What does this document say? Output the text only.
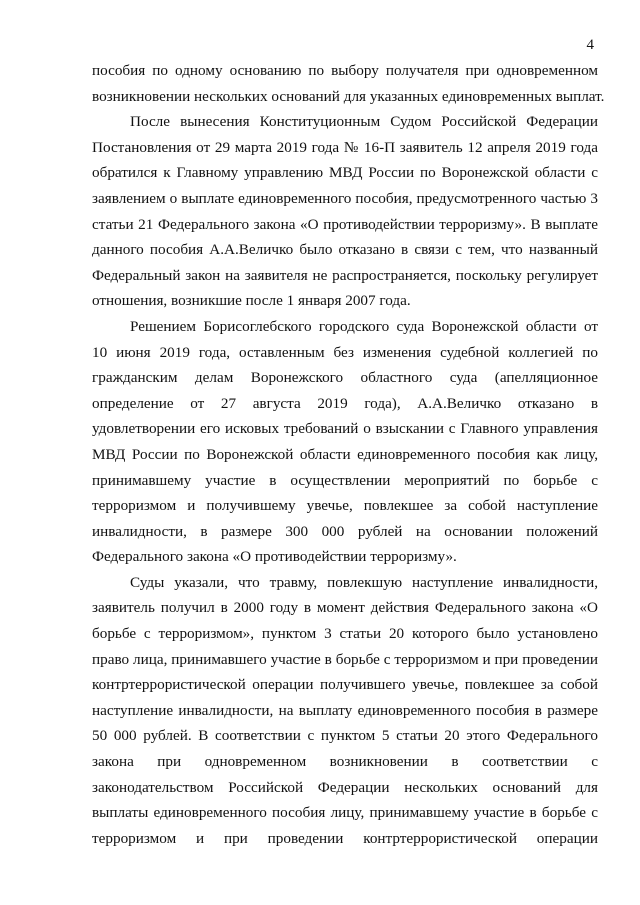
4

пособия по одному основанию по выбору получателя при одновременном
возникновении нескольких оснований для указанных единовременных выплат.

После вынесения Конституционным Судом Российской Федерации
Постановления от 29 марта 2019 года № 16-П заявитель 12 апреля 2019 года
обратился к Главному управлению МВД России по Воронежской области с
заявлением о выплате единовременного пособия, предусмотренного частью 3
статьи 21 Федерального закона «О противодействии терроризму». В выплате
данного пособия А.А.Величко было отказано в связи с тем, что названный
Федеральный закон на заявителя не распространяется, поскольку регулирует
отношения, возникшие после 1 января 2007 года.

Решением Борисоглебского городского суда Воронежской области от
10 июня 2019 года, оставленным без изменения судебной коллегией по
гражданским делам Воронежского областного суда (апелляционное
определение от 27 августа 2019 года), А.А.Величко отказано в
удовлетворении его исковых требований о взыскании с Главного управления
МВД России по Воронежской области единовременного пособия как лицу,
принимавшему участие в осуществлении мероприятий по борьбе с
терроризмом и получившему увечье, повлекшее за собой наступление
инвалидности, в размере 300 000 рублей на основании положений
Федерального закона «О противодействии терроризму».

Суды указали, что травму, повлекшую наступление инвалидности,
заявитель получил в 2000 году в момент действия Федерального закона «О
борьбе с терроризмом», пунктом 3 статьи 20 которого было установлено
право лица, принимавшего участие в борьбе с терроризмом и при проведении
контртеррористической операции получившего увечье, повлекшее за собой
наступление инвалидности, на выплату единовременного пособия в размере
50 000 рублей. В соответствии с пунктом 5 статьи 20 этого Федерального
закона при одновременном возникновении в соответствии с
законодательством Российской Федерации нескольких оснований для
выплаты единовременного пособия лицу, принимавшему участие в борьбе с
терроризмом и при проведении контртеррористической операции
